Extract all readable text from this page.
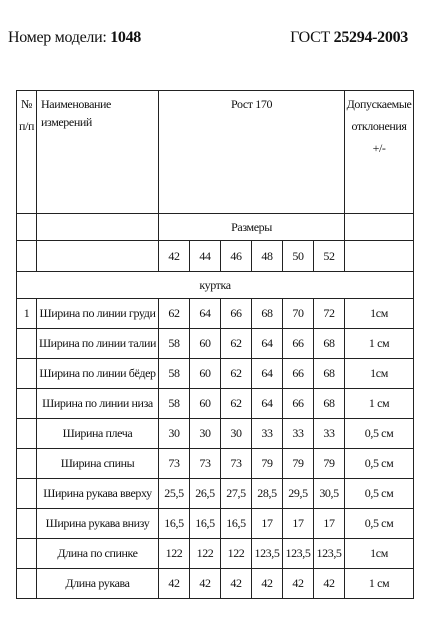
Номер модели: 1048	ГОСТ 25294-2003
№ п/п	Наименование измерений	Рост 170						Допускаемые отклонения +/-
		Размеры						
		42	44	46	48	50	52	
куртка								
1	Ширина по линии груди	62	64	66	68	70	72	1см
	Ширина по линии талии	58	60	62	64	66	68	1 см
	Ширина по линии бёдер	58	60	62	64	66	68	1см
	Ширина по линии низа	58	60	62	64	66	68	1 см
	Ширина плеча	30	30	30	33	33	33	0,5 см
	Ширина спины	73	73	73	79	79	79	0,5 см
	Ширина рукава вверху	25,5	26,5	27,5	28,5	29,5	30,5	0,5 см
	Ширина рукава внизу	16,5	16,5	16,5	17	17	17	0,5 см
	Длина по спинке	122	122	122	123,5	123,5	123,5	1см
	Длина рукава	42	42	42	42	42	42	1 см
